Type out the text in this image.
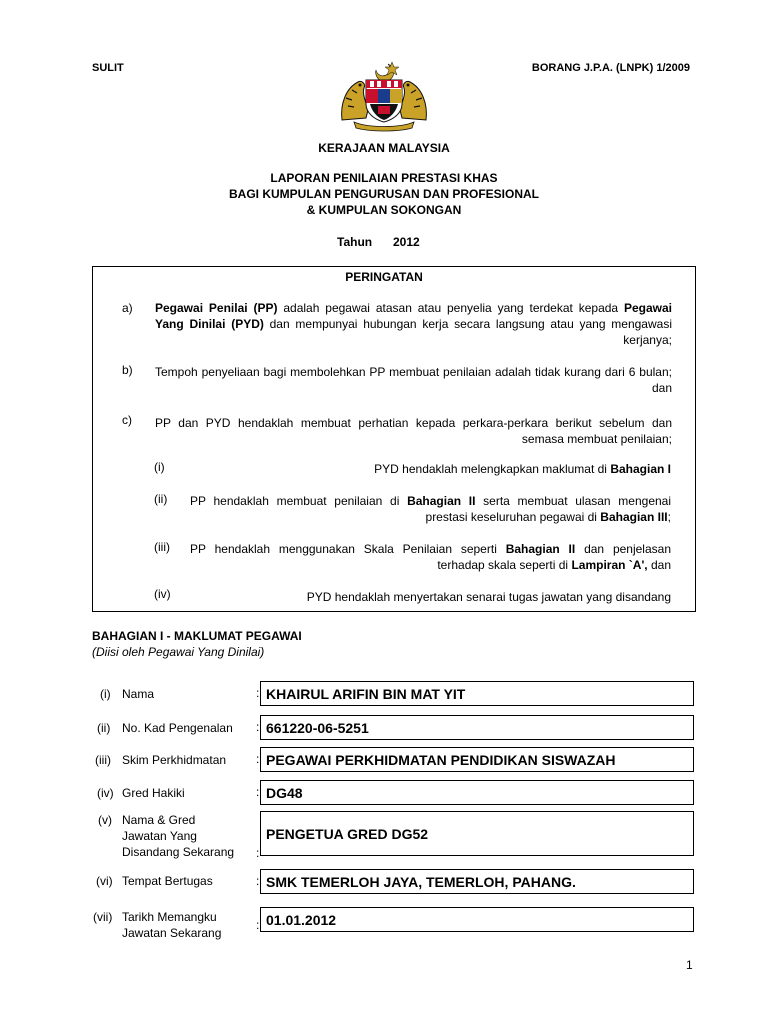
SULIT	BORANG J.P.A. (LNPK) 1/2009
KERAJAAN MALAYSIA
LAPORAN PENILAIAN PRESTASI KHAS
BAGI KUMPULAN PENGURUSAN DAN PROFESIONAL
& KUMPULAN SOKONGAN
Tahun 2012
PERINGATAN
a) Pegawai Penilai (PP) adalah pegawai atasan atau penyelia yang terdekat kepada Pegawai Yang Dinilai (PYD) dan mempunyai hubungan kerja secara langsung atau yang mengawasi kerjanya;
b) Tempoh penyeliaan bagi membolehkan PP membuat penilaian adalah tidak kurang dari 6 bulan; dan
c) PP dan PYD hendaklah membuat perhatian kepada perkara-perkara berikut sebelum dan semasa membuat penilaian;
(i)	PYD hendaklah melengkapkan maklumat di Bahagian I
(ii) PP hendaklah membuat penilaian di Bahagian II serta membuat ulasan mengenai prestasi keseluruhan pegawai di Bahagian III;
(iii) PP hendaklah menggunakan Skala Penilaian seperti Bahagian II dan penjelasan terhadap skala seperti di Lampiran `A', dan
(iv)	PYD hendaklah menyertakan senarai tugas jawatan yang disandang
BAHAGIAN I - MAKLUMAT PEGAWAI
(Diisi oleh Pegawai Yang Dinilai)
(i) Nama	: KHAIRUL ARIFIN BIN MAT YIT
(ii) No. Kad Pengenalan : 661220-06-5251
(iii) Skim Perkhidmatan : PEGAWAI PERKHIDMATAN PENDIDIKAN SISWAZAH
(iv) Gred Hakiki	: DG48
(v) Nama & Gred
Jawatan Yang
Disandang Sekarang :
PENGETUA GRED DG52
(vi) Tempat Bertugas	: SMK TEMERLOH JAYA, TEMERLOH, PAHANG.
(vii) Tarikh Memangku
Jawatan Sekarang
: 01.01.2012
1
